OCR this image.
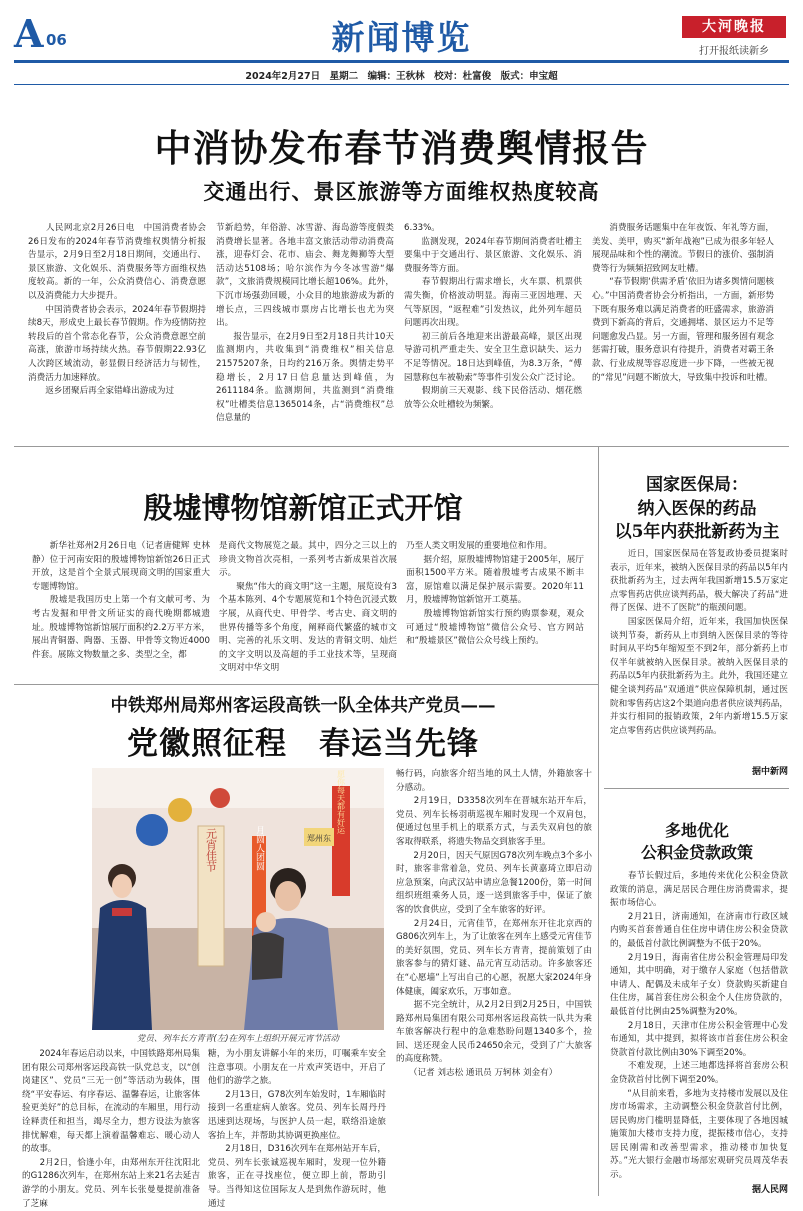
A 06	新闻博览	大河晚报
打开报纸读新乡
2024年2月27日　星期二　编辑：王秋林　校对：杜富俊　版式：申宝超
中消协发布春节消费舆情报告
交通出行、景区旅游等方面维权热度较高
　　人民网北京2月26日电　中国消费者协会26日发布的2024年春节消费维权舆情分析报告显示，2月9日至2月18日期间，交通出行、景区旅游、文化娱乐、消费服务等方面维权热度较高。新的一年，公众消费信心、消费意愿以及消费能力大步提升。
　　中国消费者协会表示，2024年春节假期持续8天，形成史上最长春节假期。作为疫情防控转段后的首个常态化春节，公众消费意愿空前高涨，旅游市场持续火热。春节假期22.93亿人次跨区域流动，彰显假日经济活力与韧性，消费活力加速释放。
　　返乡团聚后再全家错峰出游成为过
节新趋势，年俗游、冰雪游、海岛游等度假类消费增长显著。各地丰富文旅活动带动消费高涨，迎春灯会、花市、庙会、舞龙舞狮等大型活动达5108场；哈尔滨作为今冬冰雪游“爆款”，文旅消费规模同比增长超106%。此外，下沉市场强劲回暖，小众目的地旅游成为新的增长点，三四线城市票房占比增长也尤为突出。
　　报告显示，在2月9日至2月18日共计10天监测期内，共收集到“消费维权”相关信息21575207条，日均约216万条。舆情走势平稳增长，2月17日信息量达到峰值，为2611184条。监测期间，共监测到“消费维权”吐槽类信息1365014条，占“消费维权”总信息量的
6.33%。
　　监测发现，2024年春节期间消费者吐槽主要集中于交通出行、景区旅游、文化娱乐、消费服务等方面。
　　春节假期出行需求增长，火车票、机票供需失衡，价格波动明显。海南三亚因地理、天气等原因，“返程难”引发热议，此外列车超员问题再次出现。
　　初三前后各地迎来出游最高峰，景区出现导游司机严重走失、安全卫生意识缺失、运力不足等情况。18日达到峰值，为8.3万条，“傅园慧称包车被勒索”等事件引发公众广泛讨论。
　　假期前三天观影、线下民俗活动、烟花燃放等公众吐槽较为频繁。
　　消费服务话题集中在年夜饭、年礼等方面，美发、美甲，购买“新年战袍”已成为很多年轻人展现品味和个性的潮流。节假日的涨价、强制消费等行为频频招致网友吐槽。
　　“春节假期‘供需矛盾’依旧为诸多舆情问题核心。”中国消费者协会分析指出，一方面，新形势下既有服务难以满足消费者的旺盛需求，旅游消费到下新高的背后，交通拥堵、景区运力不足等问题愈发凸显。另一方面，管理和服务固有观念惩需打破，服务意识有待提升，消费者对霸王条款、行业成规等容忍度进一步下降，一些被无视的“常见”问题不断放大，导致集中投诉和吐槽。
殷墟博物馆新馆正式开馆
　　新华社郑州2月26日电（记者唐健辉 史林静）位于河南安阳的殷墟博物馆新馆26日正式开放，这是首个全景式展现商文明的国家重大专题博物馆。
　　殷墟是我国历史上第一个有文献可考、为考古发掘和甲骨文所证实的商代晚期都城遗址。殷墟博物馆新馆展厅面积约2.2万平方米，展出青铜器、陶器、玉器、甲骨等文物近4000件套。展陈文物数量之多、类型之全，都
是商代文物展览之最。其中，四分之三以上的珍贵文物首次亮相，一系列考古新成果首次展示。
　　聚焦“伟大的商文明”这一主题，展览设有3个基本陈列、4个专题展览和1个特色沉浸式数字展，从商代史、甲骨学、考古史、商文明的世界传播等多个角度，阐释商代繁盛的城市文明、完善的礼乐文明、发达的青铜文明、灿烂的文字文明以及高超的手工业技术等，呈现商文明对中华文明
乃至人类文明发展的重要地位和作用。
　　据介绍，原殷墟博物馆建于2005年，展厅面积1500平方米。随着殷墟考古成果不断丰富，原馆难以满足保护展示需要。2020年11月，殷墟博物馆新馆开工奠基。
　　殷墟博物馆新馆实行预约购票参观，观众可通过“殷墟博物馆”微信公众号、官方网站和“殷墟景区”微信公众号线上预约。
中铁郑州局郑州客运段高铁一队全体共产党员——
党徽照征程　春运当先锋
愿你每天都有好运
元宵佳节	月圆人团圆	郑州东
党员、列车长方青青(左)在列车上组织开展元宵节活动
　　2024年春运启动以来，中国铁路郑州局集团有限公司郑州客运段高铁一队党总支，以“创岗建区”、党员“三无一创”等活动为载体，围绕“平安春运、有序春运、温馨春运，让旅客体验更美好”的总目标，在流动的车厢里，用行动诠释责任和担当，竭尽全力，想方设法为旅客排忧解难，每天都上演着温馨难忘、暖心动人的故事。
　　2月2日，恰逢小年，由郑州东开往沈阳北的G1286次列车，在郑州东站上来21名去延吉游学的小朋友。党员、列车长张曼曼提前准备了芝麻
糖，为小朋友讲解小年的来历，叮嘱乘车安全注意事项。小朋友在一片欢声笑语中，开启了他们的游学之旅。
　　2月13日，G78次列车始发时，1车厢临时接到一名重症病人旅客。党员、列车长周丹丹迅速到达现场，与医护人员一起，联络沿途旅客抬上车，并帮助其协调更换座位。
　　2月18日，D316次列车在郑州站开车后，党员、列车长张诚巡视车厢时，发现一位外籍旅客，正在寻找座位，便立即上前，帮助引导。当得知这位国际友人是到焦作游玩时，他通过
畅行码，向旅客介绍当地的风土人情，外籍旅客十分感动。
　　2月19日，D3358次列车在晋城东站开车后，党员、列车长杨羽萌巡视车厢时发现一个双肩包，便通过包里手机上的联系方式，与丢失双肩包的旅客取得联系，将遗失物品交到旅客手里。
　　2月20日，因天气原因G78次列车晚点3个多小时，旅客非常着急，党员、列车长黄嘉琦立即启动应急预案，向武汉站申请应急餐1200份，第一时间组织班组乘务人员，逐一送到旅客手中，保证了旅客的饮食供应，受到了全车旅客的好评。
　　2月24日，元宵佳节，在郑州东开往北京西的G806次列车上，为了让旅客在列车上感受元宵佳节的美好氛围，党员、列车长方青青，提前策划了由旅客参与的猜灯谜、品元宵互动活动。许多旅客还在“心愿墙”上写出自己的心愿，祝愿大家2024年身体健康，阖家欢乐，万事如意。
　　据不完全统计，从2月2日到2月25日，中国铁路郑州局集团有限公司郑州客运段高铁一队共为乘车旅客解决行程中的急难愁盼问题1340多个，捡回、送还现金人民币24650余元，受到了广大旅客的高度称赞。
　　（记者 刘志松 通讯员 万轲林 刘金有）
国家医保局：
纳入医保的药品
以5年内获批新药为主
　　近日，国家医保局在答复政协委员提案时表示，近年来，被纳入医保目录的药品以5年内获批新药为主，过去两年我国新增15.5万家定点零售药店供应谈判药品，极大解决了药品“进得了医保、进不了医院”的瓶颈问题。
　　国家医保局介绍，近年来，我国加快医保谈判节奏，新药从上市到纳入医保目录的等待时间从平均5年缩短至不到2年，部分新药上市仅半年就被纳入医保目录。被纳入医保目录的药品以5年内获批新药为主。此外，我国还建立健全谈判药品“双通道”供应保障机制，通过医院和零售药店这2个渠道向患者供应谈判药品，并实行相同的报销政策，2年内新增15.5万家定点零售药店供应谈判药品。
据中新网
多地优化
公积金贷款政策
　　春节长假过后，多地传来优化公积金贷款政策的消息，满足居民合理住房消费需求，提振市场信心。
　　2月21日，济南通知，在济南市行政区域内购买首套普通自住住房申请住房公积金贷款的，最低首付款比例调整为不低于20%。
　　2月19日，海南省住房公积金管理局印发通知，其中明确，对于缴存人家庭（包括借款申请人、配偶及未成年子女）贷款购买新建自住住房，属首套住房公积金个人住房贷款的，最低首付比例由25%调整为20%。
　　2月18日，天津市住房公积金管理中心发布通知，其中提到，拟将该市首套住房公积金贷款首付款比例由30%下调至20%。
　　不难发现，上述三地都选择将首套房公积金贷款首付比例下调至20%。
　　“从目前来看，多地为支持楼市发展以及住房市场需求，主动调整公积金贷款首付比例，居民购房门槛明显降低，主要体现了各地因城施策加大楼市支持力度，提振楼市信心，支持居民刚需和改善型需求，推动楼市加快复苏。”光大银行金融市场部宏观研究员周茂华表示。
据人民网
